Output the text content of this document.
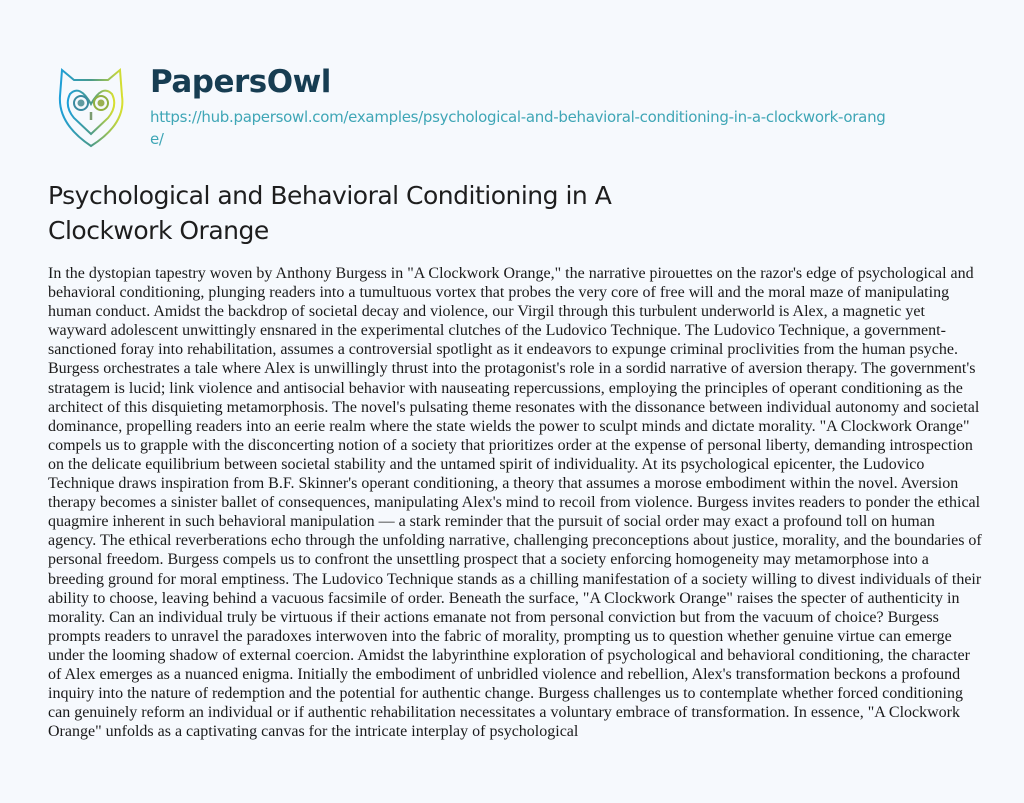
PapersOwl
https://hub.papersowl.com/examples/psychological-and-behavioral-conditioning-in-a-clockwork-orange/
Psychological and Behavioral Conditioning in A Clockwork Orange

In the dystopian tapestry woven by Anthony Burgess in "A Clockwork Orange," the narrative pirouettes on the razor's edge of psychological and behavioral conditioning, plunging readers into a tumultuous vortex that probes the very core of free will and the moral maze of manipulating human conduct. Amidst the backdrop of societal decay and violence, our Virgil through this turbulent underworld is Alex, a magnetic yet wayward adolescent unwittingly ensnared in the experimental clutches of the Ludovico Technique. The Ludovico Technique, a government-sanctioned foray into rehabilitation, assumes a controversial spotlight as it endeavors to expunge criminal proclivities from the human psyche. Burgess orchestrates a tale where Alex is unwillingly thrust into the protagonist's role in a sordid narrative of aversion therapy. The government's stratagem is lucid; link violence and antisocial behavior with nauseating repercussions, employing the principles of operant conditioning as the architect of this disquieting metamorphosis. The novel's pulsating theme resonates with the dissonance between individual autonomy and societal dominance, propelling readers into an eerie realm where the state wields the power to sculpt minds and dictate morality. "A Clockwork Orange" compels us to grapple with the disconcerting notion of a society that prioritizes order at the expense of personal liberty, demanding introspection on the delicate equilibrium between societal stability and the untamed spirit of individuality. At its psychological epicenter, the Ludovico Technique draws inspiration from B.F. Skinner's operant conditioning, a theory that assumes a morose embodiment within the novel. Aversion therapy becomes a sinister ballet of consequences, manipulating Alex's mind to recoil from violence. Burgess invites readers to ponder the ethical quagmire inherent in such behavioral manipulation — a stark reminder that the pursuit of social order may exact a profound toll on human agency. The ethical reverberations echo through the unfolding narrative, challenging preconceptions about justice, morality, and the boundaries of personal freedom. Burgess compels us to confront the unsettling prospect that a society enforcing homogeneity may metamorphose into a breeding ground for moral emptiness. The Ludovico Technique stands as a chilling manifestation of a society willing to divest individuals of their ability to choose, leaving behind a vacuous facsimile of order. Beneath the surface, "A Clockwork Orange" raises the specter of authenticity in morality. Can an individual truly be virtuous if their actions emanate not from personal conviction but from the vacuum of choice? Burgess prompts readers to unravel the paradoxes interwoven into the fabric of morality, prompting us to question whether genuine virtue can emerge under the looming shadow of external coercion. Amidst the labyrinthine exploration of psychological and behavioral conditioning, the character of Alex emerges as a nuanced enigma. Initially the embodiment of unbridled violence and rebellion, Alex's transformation beckons a profound inquiry into the nature of redemption and the potential for authentic change. Burgess challenges us to contemplate whether forced conditioning can genuinely reform an individual or if authentic rehabilitation necessitates a voluntary embrace of transformation. In essence, "A Clockwork Orange" unfolds as a captivating canvas for the intricate interplay of psychological
